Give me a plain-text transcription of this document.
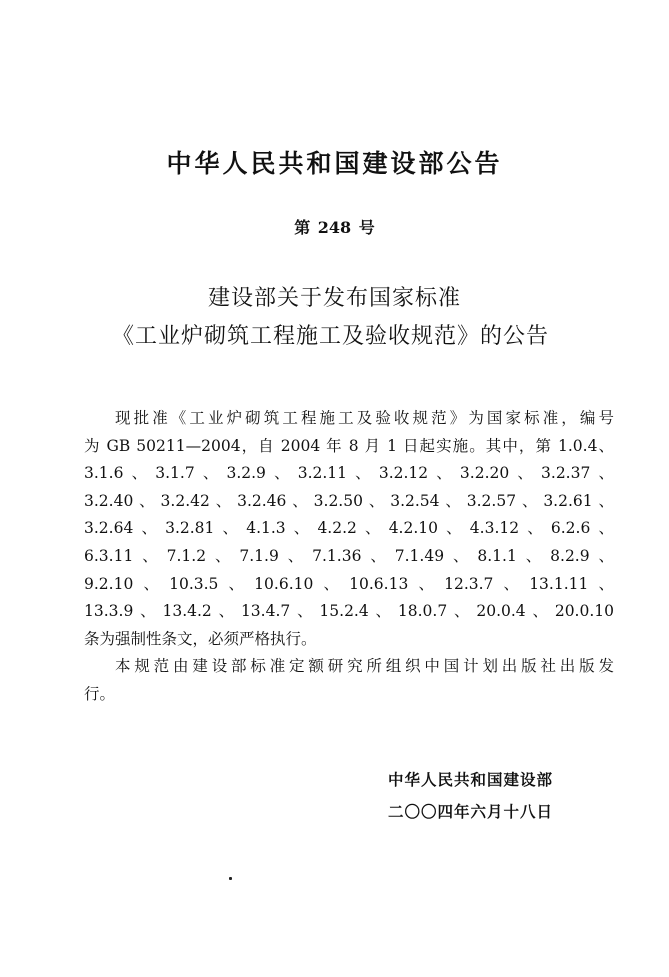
中华人民共和国建设部公告
第 248 号
建设部关于发布国家标准
《工业炉砌筑工程施工及验收规范》的公告
现批准《工业炉砌筑工程施工及验收规范》为国家标准，编号
为 GB 50211—2004，自 2004 年 8 月 1 日起实施。其中，第 1.0.4、
3.1.6、3.1.7、3.2.9、3.2.11、3.2.12、3.2.20、3.2.37、
3.2.40、3.2.42、3.2.46、3.2.50、3.2.54、3.2.57、3.2.61、
3.2.64、3.2.81、4.1.3、4.2.2、4.2.10、4.3.12、6.2.6、
6.3.11、7.1.2、7.1.9、7.1.36、7.1.49、8.1.1、8.2.9、
9.2.10、10.3.5、10.6.10、10.6.13、12.3.7、13.1.11、
13.3.9、13.4.2、13.4.7、15.2.4、18.0.7、20.0.4、20.0.10
条为强制性条文，必须严格执行。
本规范由建设部标准定额研究所组织中国计划出版社出版发
行。
中华人民共和国建设部
二〇〇四年六月十八日
